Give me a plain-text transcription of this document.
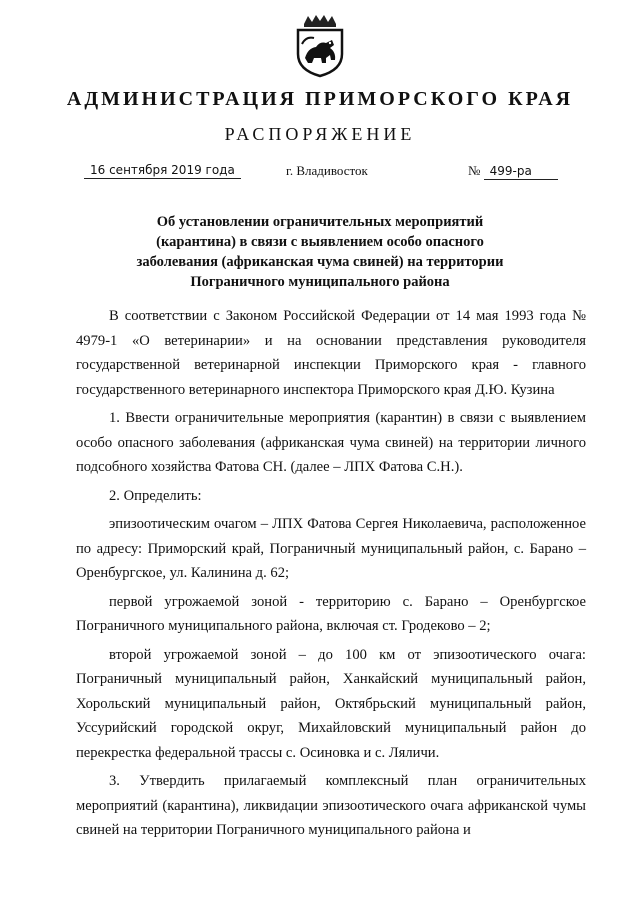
АДМИНИСТРАЦИЯ ПРИМОРСКОГО КРАЯ
РАСПОРЯЖЕНИЕ
16 сентября 2019 года	г. Владивосток	№ 499-ра
Об установлении ограничительных мероприятий
(карантина) в связи с выявлением особо опасного
заболевания (африканская чума свиней) на территории
Пограничного муниципального района

В соответствии с Законом Российской Федерации от 14 мая 1993 года № 4979-1 «О ветеринарии» и на основании представления руководителя государственной ветеринарной инспекции Приморского края - главного государственного ветеринарного инспектора Приморского края Д.Ю. Кузина

1. Ввести ограничительные мероприятия (карантин) в связи с выявлением особо опасного заболевания (африканская чума свиней) на территории личного подсобного хозяйства Фатова СН. (далее – ЛПХ Фатова С.Н.).

2. Определить:

эпизоотическим очагом – ЛПХ Фатова Сергея Николаевича, расположенное по адресу: Приморский край, Пограничный муниципальный район, с. Барано – Оренбургское, ул. Калинина д. 62;

первой угрожаемой зоной - территорию с. Барано – Оренбургское Пограничного муниципального района, включая ст. Гродеково – 2;

второй угрожаемой зоной – до 100 км от эпизоотического очага: Пограничный муниципальный район, Ханкайский муниципальный район, Хорольский муниципальный район, Октябрьский муниципальный район, Уссурийский городской округ, Михайловский муниципальный район до перекрестка федеральной трассы с. Осиновка и с. Ляличи.

3. Утвердить прилагаемый комплексный план ограничительных мероприятий (карантина), ликвидации эпизоотического очага африканской чумы свиней на территории Пограничного муниципального района и
